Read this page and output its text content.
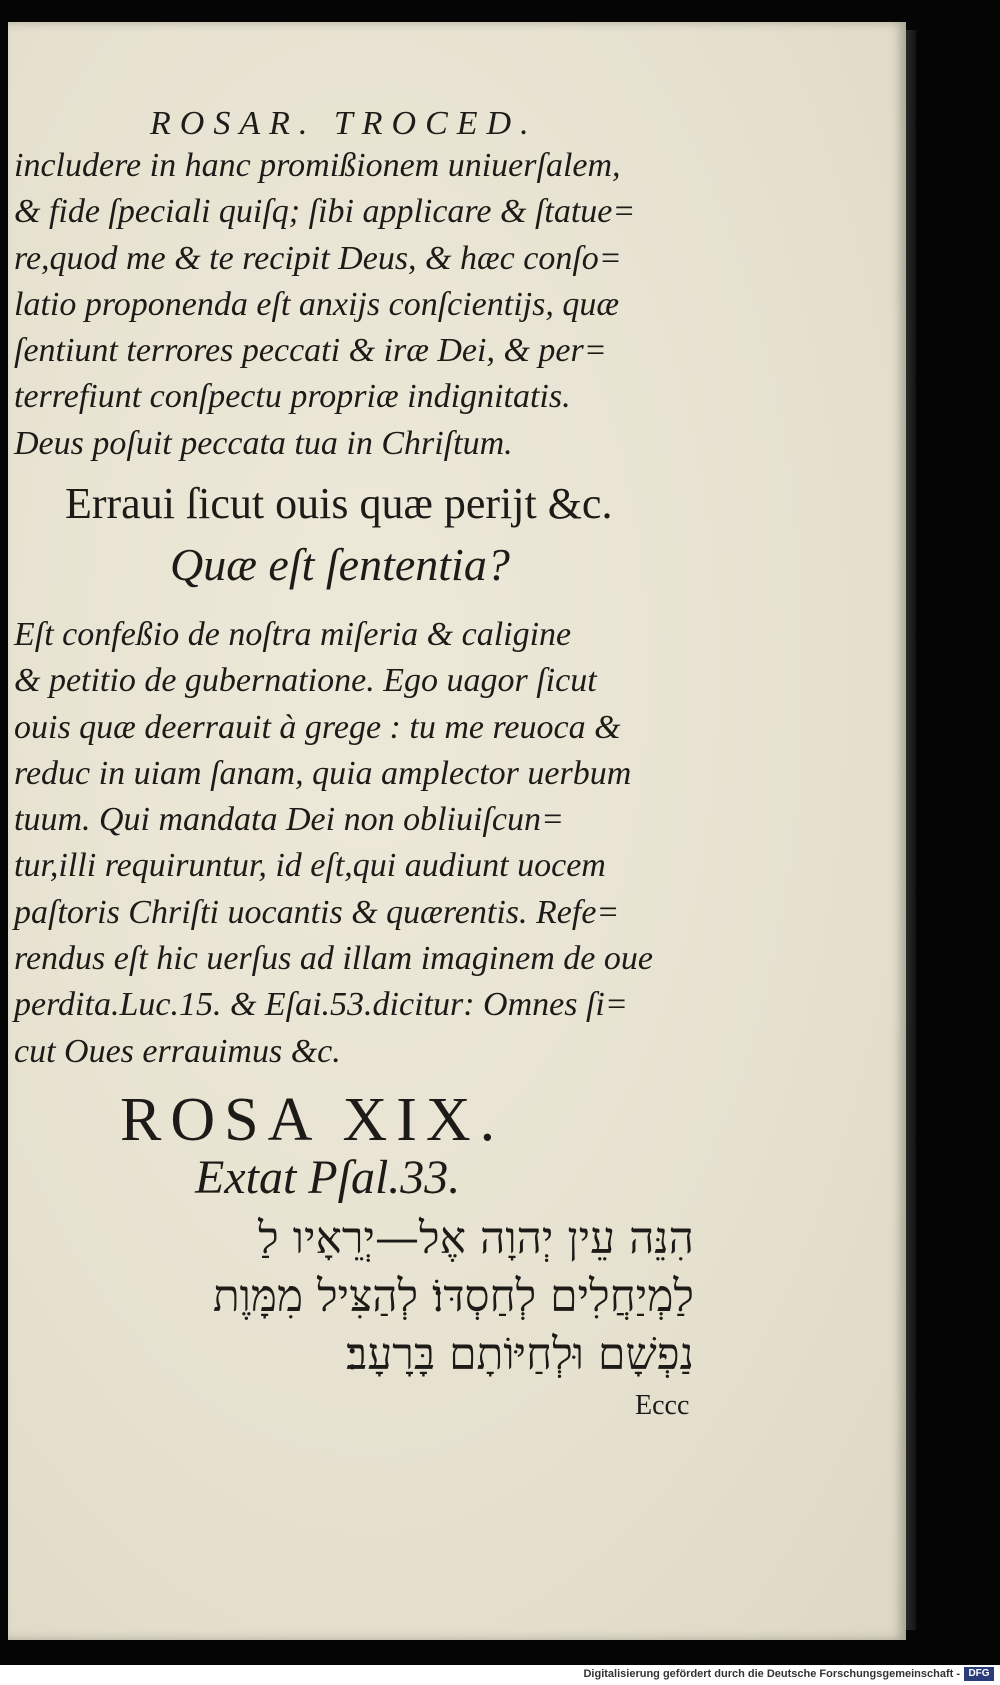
ROSAR. TROCED.
includere in hanc promißionem uniuerſalem,
& fide ſpeciali quiſq; ſibi applicare & ſtatue=
re,quod me & te recipit Deus, & hæc conſo=
latio proponenda eſt anxijs conſcientijs, quæ
ſentiunt terrores peccati & iræ Dei, & per=
terrefiunt conſpectu propriæ indignitatis.
Deus poſuit peccata tua in Chriſtum.
Erraui ſicut ouis quæ periјt &c.
Quæ eſt ſententia?
Eſt confeßio de noſtra miſeria & caligine
& petitio de gubernatione. Ego uagor ſicut
ouis quæ deerrauit à grege : tu me reuoca &
reduc in uiam ſanam, quia amplector uerbum
tuum. Qui mandata Dei non obliuiſcun=
tur,illi requiruntur, id eſt,qui audiunt uocem
paſtoris Chriſti uocantis & quærentis. Refe=
rendus eſt hic uerſus ad illam imaginem de oue
perdita.Luc.15. & Eſai.53.dicitur: Omnes ſi=
cut Oues errauimus &c.
ROSA XIX.
Extat Pſal.33.
הִנֵּה עֵין יְהוָה אֶל—יְרֵאָיו לַ
לַמְיַחֲלִים לְחַסְדּוֹ׃ לְהַצִּיל מִמָּוֶת
נַפְשָׁם וּלְחַיּוֹתָם בָּרָעָב׃
Eccc
Digitalisierung gefördert durch die Deutsche Forschungsgemeinschaft - DFG
